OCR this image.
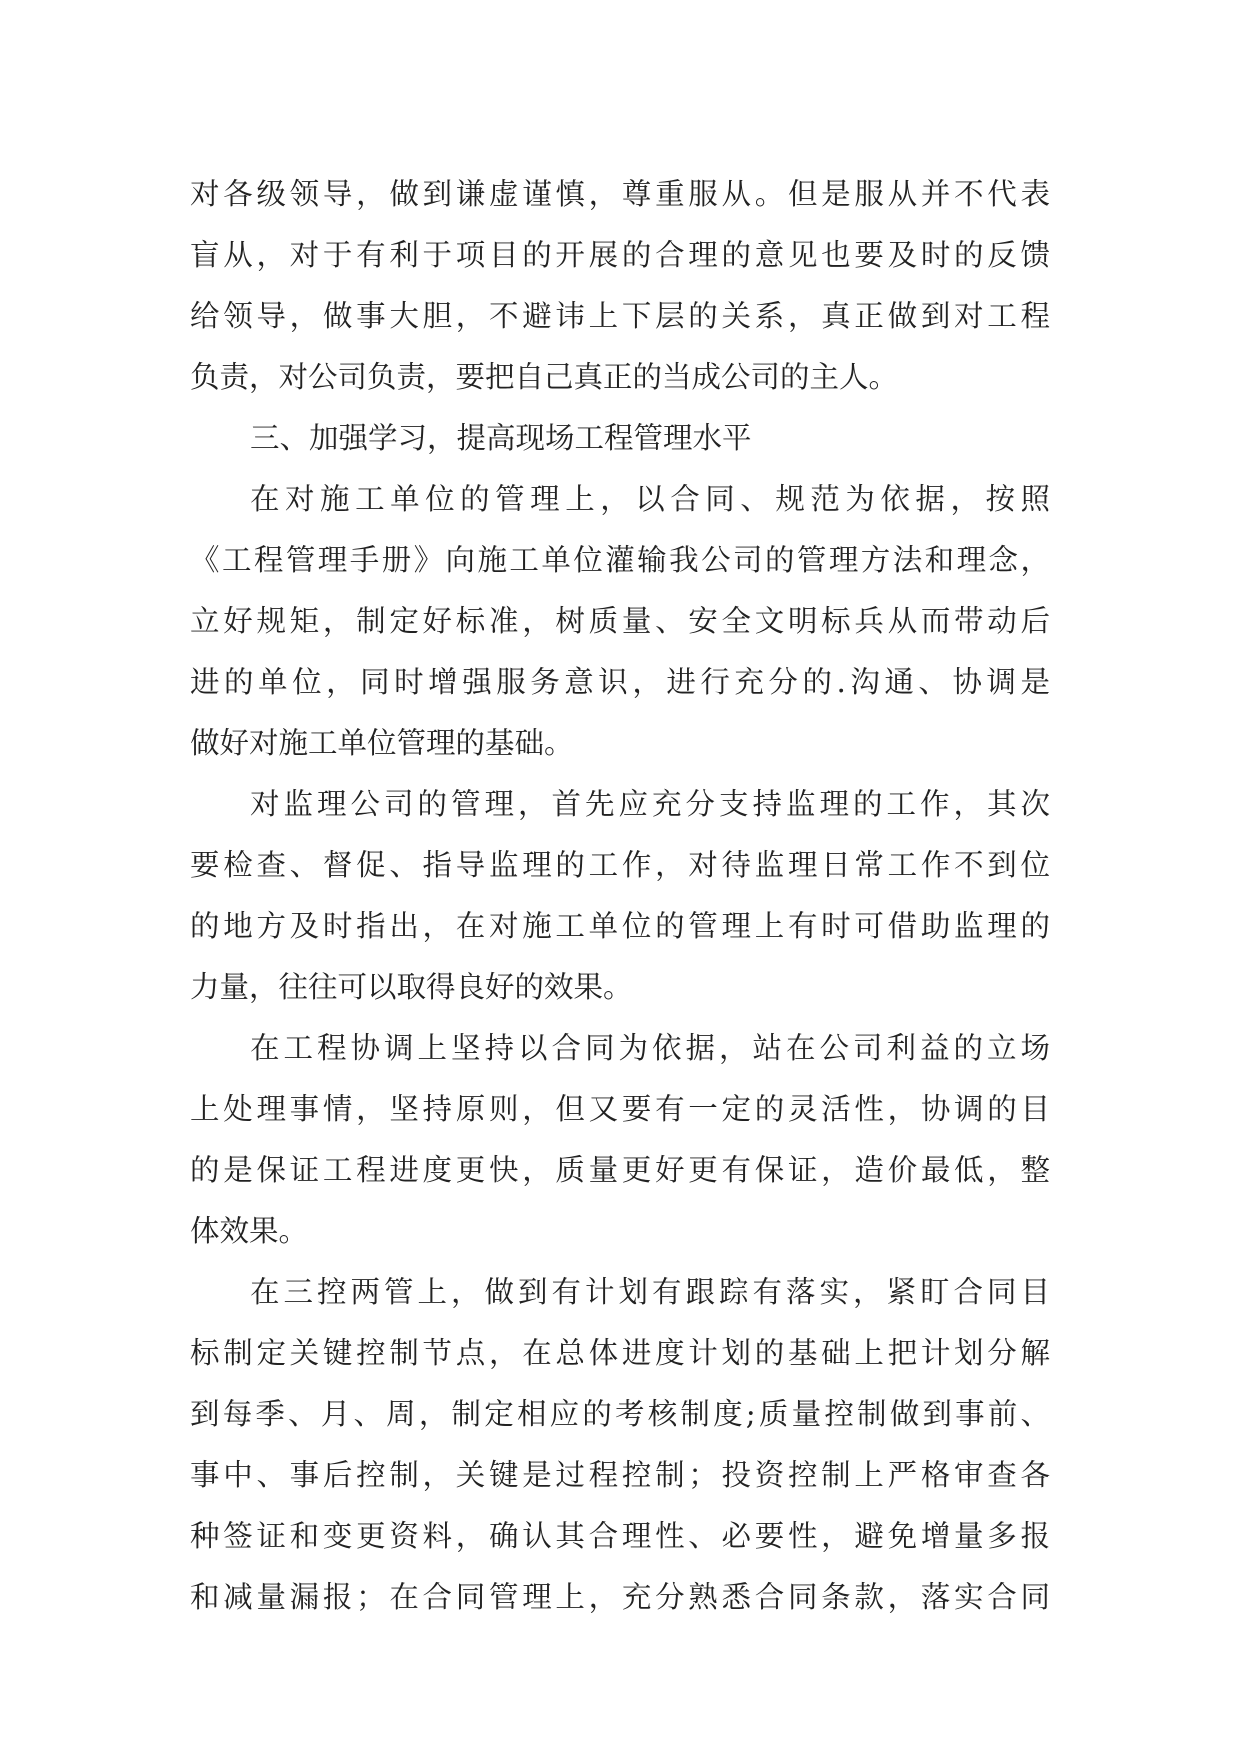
对各级领导，做到谦虚谨慎，尊重服从。但是服从并不代表
盲从，对于有利于项目的开展的合理的意见也要及时的反馈
给领导，做事大胆，不避讳上下层的关系，真正做到对工程
负责，对公司负责，要把自己真正的当成公司的主人。
三、加强学习，提高现场工程管理水平
在对施工单位的管理上，以合同、规范为依据，按照
《工程管理手册》向施工单位灌输我公司的管理方法和理念，
立好规矩，制定好标准，树质量、安全文明标兵从而带动后
进的单位，同时增强服务意识，进行充分的.沟通、协调是
做好对施工单位管理的基础。
对监理公司的管理，首先应充分支持监理的工作，其次
要检查、督促、指导监理的工作，对待监理日常工作不到位
的地方及时指出，在对施工单位的管理上有时可借助监理的
力量，往往可以取得良好的效果。
在工程协调上坚持以合同为依据，站在公司利益的立场
上处理事情，坚持原则，但又要有一定的灵活性，协调的目
的是保证工程进度更快，质量更好更有保证，造价最低，整
体效果。
在三控两管上，做到有计划有跟踪有落实，紧盯合同目
标制定关键控制节点，在总体进度计划的基础上把计划分解
到每季、月、周，制定相应的考核制度;质量控制做到事前、
事中、事后控制，关键是过程控制；投资控制上严格审查各
种签证和变更资料，确认其合理性、必要性，避免增量多报
和减量漏报；在合同管理上，充分熟悉合同条款，落实合同
